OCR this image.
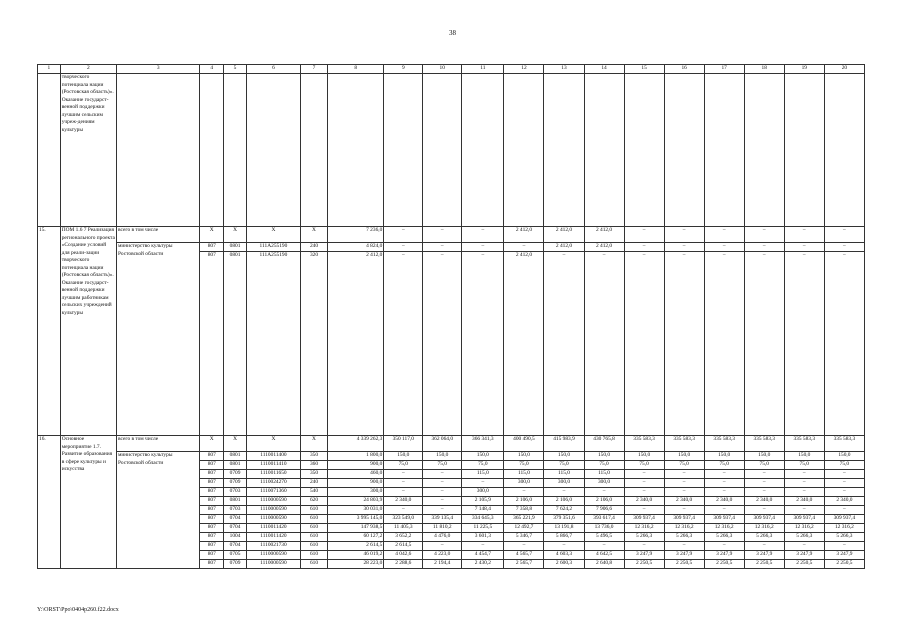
38
1	2	3	4	5	6	7	8	9	10	11	12	13	14	15	16	17	18	19	20
	творческого потенциала нации (Ростовская область)». Оказание государст-венной поддержки лучшим сельским учреж-дениям культуры																		
15.	ПОМ 1.6 7 Реализация регионального проекта «Создание условий для реали-зации творческого потенциала нации (Ростовская область)». Оказание государст-венной поддержки лучшим работникам сельских учреждений культуры	всего в том числе	X	X	X	X	7 236,0	–	–	–	2 412,0	2 412,0	2 412,0	–	–	–	–	–	–
		министерство культуры Ростовской области	807	0801	111A255190	240	4 824,0	–	–	–	–	2 412,0	2 412,0	–	–	–	–	–	–
			807	0801	111A255190	320	2 412,0	–	–	–	2 412,0	–	–	–	–	–	–	–	–
16.	Основное мероприятие 1.7. Развитие образования в сфере культуры и искусства	всего в том числе	X	X	X	X	4 339 262,3	350 117,0	362 064,0	366 341,3	400 490,5	415 983,9	430 765,8	335 583,3	335 583,3	335 583,3	335 583,3	335 583,3	335 583,3
		министерство культуры Ростовской области	807	0801	1110011400	350	1 800,0	150,0	150,0	150,0	150,0	150,0	150,0	150,0	150,0	150,0	150,0	150,0	150,0
			807	0801	1110011410	360	900,0	75,0	75,0	75,0	75,0	75,0	75,0	75,0	75,0	75,0	75,0	75,0	75,0
			807	0709	1110011650	350	460,0	–	–	115,0	115,0	115,0	115,0	–	–	–	–	–	–
			807	0709	1110024270	240	900,0	–	–	–	300,0	300,0	300,0	–	–	–	–	–	–
			807	0703	1110071360	540	300,0	–	–	300,0	–	–	–	–	–	–	–	–	–
			807	0801	1110000590	620	24 803,9	2 340,0	–	2 105,9	2 106,0	2 106,0	2 106,0	2 340,0	2 340,0	2 340,0	2 340,0	2 340,0	2 340,0
			807	0703	1110000590	610	30 031,0	–	–	7 148,4	7 358,8	7 624,2	7 906,6	–	–	–	–	–	–
			807	0704	1110000590	610	3 995 145,0	323 549,0	339 135,4	334 645,3	365 221,9	379 351,6	393 617,4	309 937,4	309 937,4	309 937,4	309 937,4	309 937,4	309 937,4
			807	0704	1110011420	610	147 938,5	11 405,3	11 810,2	11 225,5	12 492,7	13 191,8	13 736,0	12 316,2	12 316,2	12 316,2	12 316,2	12 316,2	12 316,2
			807	1004	1110011420	610	60 127,2	3 652,2	4 476,0	3 601,3	5 346,7	5 866,7	5 496,5	5 266,3	5 266,3	5 266,3	5 266,3	5 266,3	5 266,3
			807	0704	1110021730	610	2 614,5	2 614,5	–	–	–	–	–	–	–	–	–	–	–
			807	0705	1110000590	610	46 019,2	4 042,6	4 223,0	4 454,7	4 565,7	4 603,3	4 642,5	3 247,9	3 247,9	3 247,9	3 247,9	3 247,9	3 247,9
			807	0709	1110000590	610	28 223,0	2 288,6	2 194,4	2 430,2	2 565,7	2 600,3	2 640,8	2 250,5	2 250,5	2 250,5	2 250,5	2 250,5	2 250,5
Y:\ORST\Ppo\0404p260.f22.docx
